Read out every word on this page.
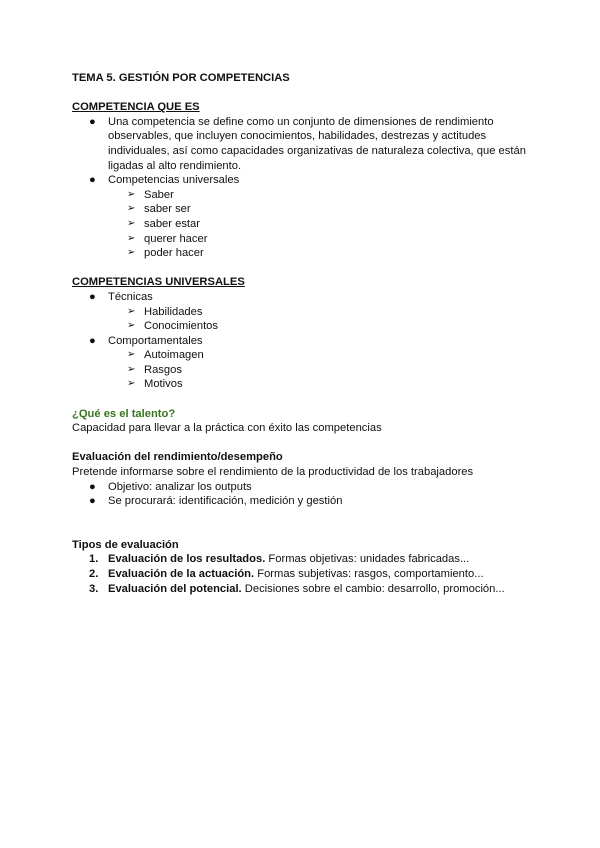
TEMA 5. GESTIÓN POR COMPETENCIAS

COMPETENCIA QUE ES

● Una competencia se define como un conjunto de dimensiones de rendimiento observables, que incluyen conocimientos, habilidades, destrezas y actitudes individuales, así como capacidades organizativas de naturaleza colectiva, que están ligadas al alto rendimiento.
● Competencias universales
➢ Saber
➢ saber ser
➢ saber estar
➢ querer hacer
➢ poder hacer

COMPETENCIAS UNIVERSALES

● Técnicas
➢ Habilidades
➢ Conocimientos
● Comportamentales
➢ Autoimagen
➢ Rasgos
➢ Motivos

¿Qué es el talento?

Capacidad para llevar a la práctica con éxito las competencias

Evaluación del rendimiento/desempeño

Pretende informarse sobre el rendimiento de la productividad de los trabajadores

● Objetivo: analizar los outputs
● Se procurará: identificación, medición y gestión

Tipos de evaluación

1. Evaluación de los resultados. Formas objetivas: unidades fabricadas...
2. Evaluación de la actuación. Formas subjetivas: rasgos, comportamiento...
3. Evaluación del potencial. Decisiones sobre el cambio: desarrollo, promoción...
